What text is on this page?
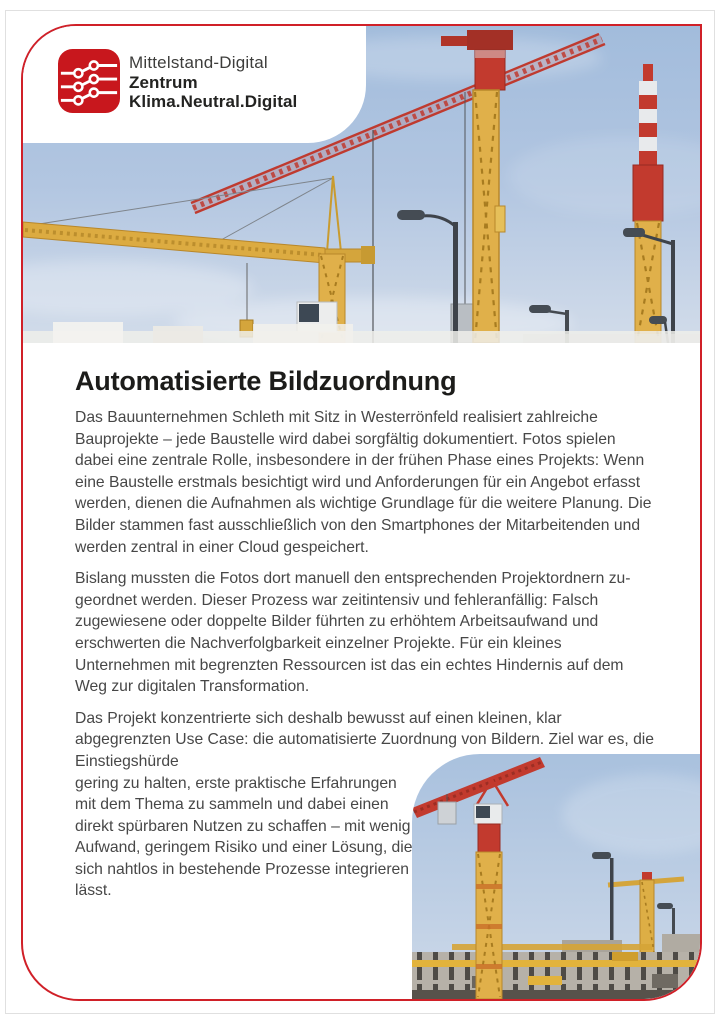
Mittelstand-Digital
Zentrum
Klima.Neutral.Digital
Automatisierte Bildzuordnung

Das Bauunternehmen Schleth mit Sitz in Westerrönfeld realisiert zahlreiche Bauprojekte – jede Baustelle wird dabei sorgfältig dokumentiert. Fotos spielen dabei eine zentrale Rolle, insbesondere in der frühen Phase eines Projekts: Wenn eine Baustelle erstmals besichtigt wird und Anforderungen für ein Angebot erfasst werden, dienen die Aufnahmen als wichtige Grundlage für die weitere Planung. Die Bilder stammen fast ausschließlich von den Smartphones der Mitarbeitenden und werden zentral in einer Cloud gespeichert.

Bislang mussten die Fotos dort manuell den entsprechenden Projektordnern zugeordnet werden. Dieser Prozess war zeitintensiv und fehleranfällig: Falsch zugewiesene oder doppelte Bilder führten zu erhöhtem Arbeitsaufwand und erschwerten die Nachverfolgbarkeit einzelner Projekte. Für ein kleines Unternehmen mit begrenzten Ressourcen ist das ein echtes Hindernis auf dem Weg zur digitalen Transformation.

Das Projekt konzentrierte sich deshalb bewusst auf einen kleinen, klar abgegrenzten Use Case: die automatisierte Zuordnung von Bildern. Ziel war es, die Einstiegshürde
gering zu halten, erste praktische Erfahrungen mit dem Thema zu sammeln und dabei einen direkt spürbaren Nutzen zu schaffen – mit wenig Aufwand, geringem Risiko und einer Lösung, die sich nahtlos in bestehende Prozesse integrieren lässt.
